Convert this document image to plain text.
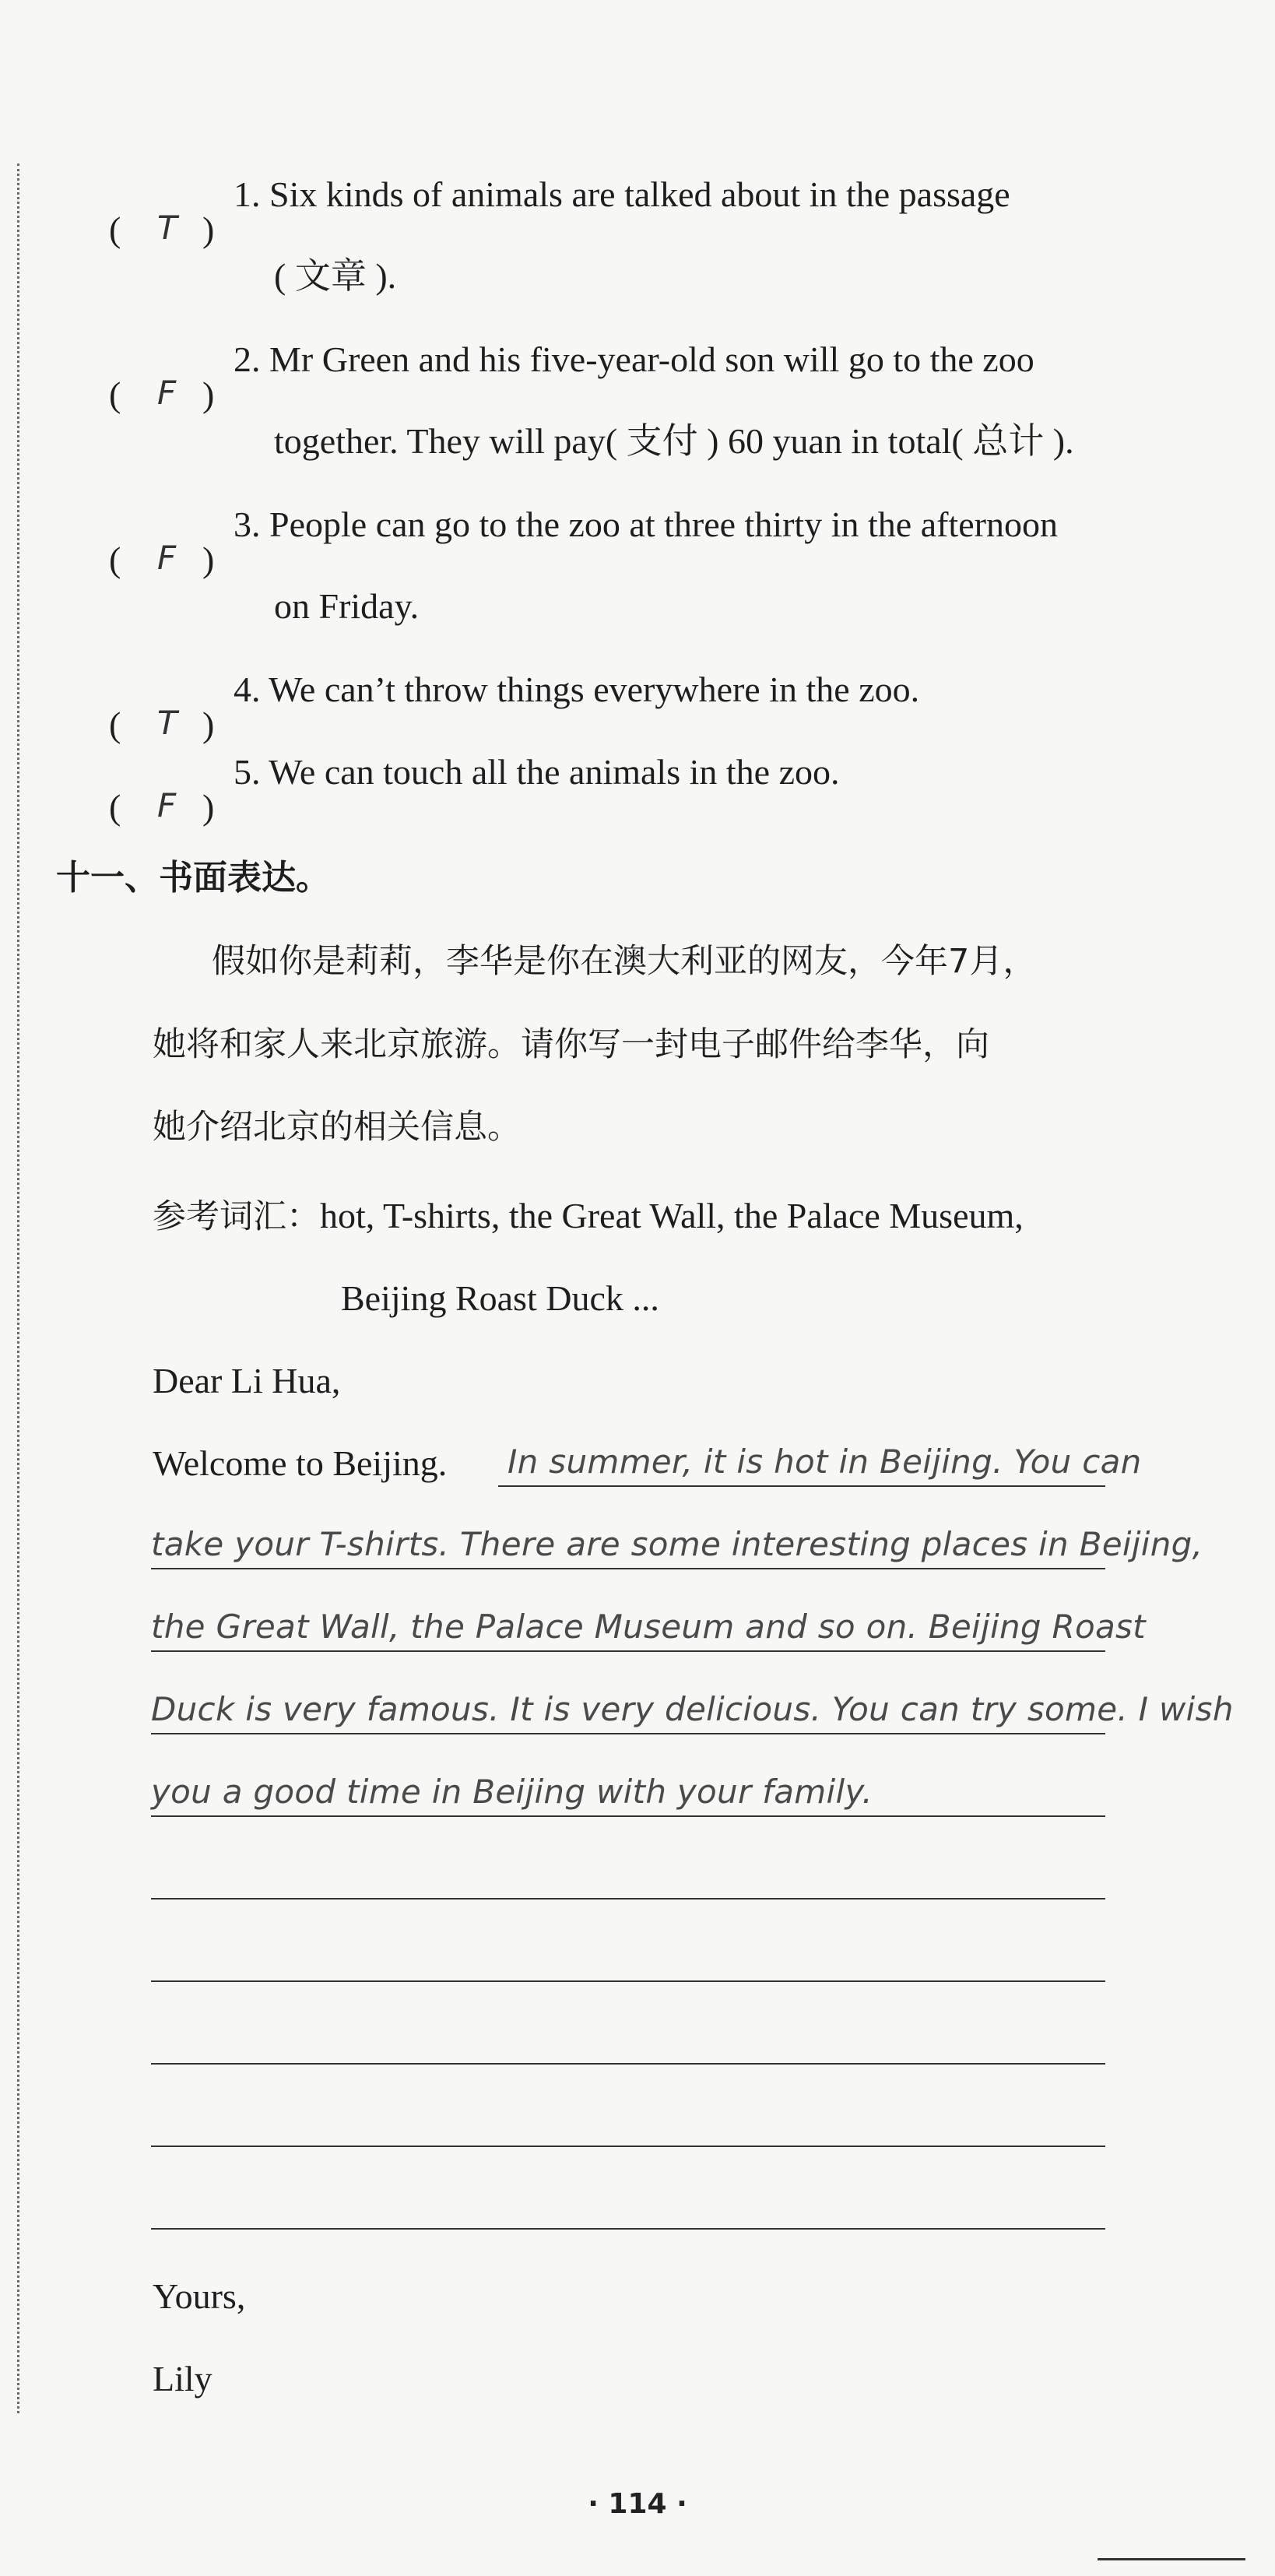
( T )
1. Six kinds of animals are talked about in the passage
( 文章 ).
( F )
2. Mr Green and his five-year-old son will go to the zoo
together. They will pay( 支付 ) 60 yuan in total( 总计 ).
( F )
3. People can go to the zoo at three thirty in the afternoon
on Friday.
( T )
4. We can’t throw things everywhere in the zoo.
( F )
5. We can touch all the animals in the zoo.
十一、书面表达。
假如你是莉莉，李华是你在澳大利亚的网友，今年7月，
她将和家人来北京旅游。请你写一封电子邮件给李华，向
她介绍北京的相关信息。
参考词汇：hot, T-shirts, the Great Wall, the Palace Museum,
Beijing Roast Duck ...
Dear Li Hua,
Welcome to Beijing. In summer, it is hot in Beijing. You can
take your T-shirts. There are some interesting places in Beijing,
the Great Wall, the Palace Museum and so on. Beijing Roast
Duck is very famous. It is very delicious. You can try some. I wish
you a good time in Beijing with your family.
Yours,
Lily
· 114 ·
